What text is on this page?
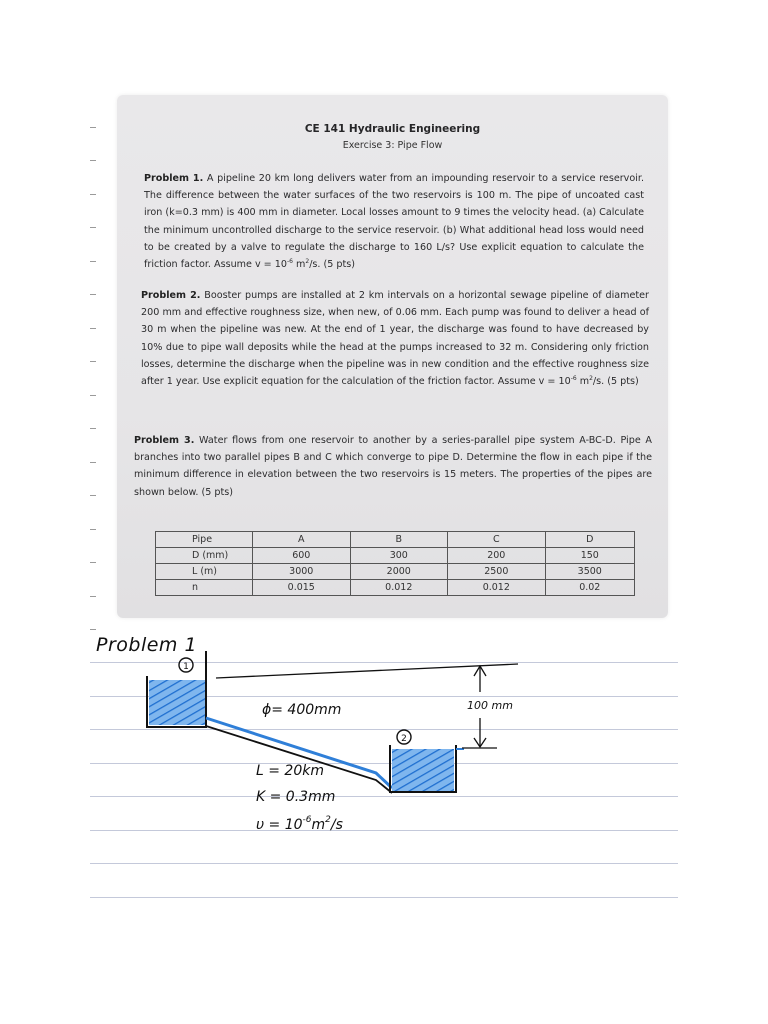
CE 141 Hydraulic Engineering
Exercise 3: Pipe Flow
Problem 1. A pipeline 20 km long delivers water from an impounding reservoir to a service reservoir. The difference between the water surfaces of the two reservoirs is 100 m. The pipe of uncoated cast iron (k=0.3 mm) is 400 mm in diameter. Local losses amount to 9 times the velocity head. (a) Calculate the minimum uncontrolled discharge to the service reservoir. (b) What additional head loss would need to be created by a valve to regulate the discharge to 160 L/s? Use explicit equation to calculate the friction factor. Assume $v = 10^{-6}$ $m^2/s$. (5 pts)
Problem 2. Booster pumps are installed at 2 km intervals on a horizontal sewage pipeline of diameter 200 mm and effective roughness size, when new, of 0.06 mm. Each pump was found to deliver a head of 30 m when the pipeline was new. At the end of 1 year, the discharge was found to have decreased by 10% due to pipe wall deposits while the head at the pumps increased to 32 m. Considering only friction losses, determine the discharge when the pipeline was in new condition and the effective roughness size after 1 year. Use explicit equation for the calculation of the friction factor. Assume $v = 10^{-6}$ $m^2/s$. (5 pts)
Problem 3. Water flows from one reservoir to another by a series-parallel pipe system A-BC-D. Pipe A branches into two parallel pipes B and C which converge to pipe D. Determine the flow in each pipe if the minimum difference in elevation between the two reservoirs is 15 meters. The properties of the pipes are shown below. (5 pts)
Pipe	A	B	C	D
D (mm)	600	300	200	150
L (m)	3000	2000	2500	3500
n	0.015	0.012	0.012	0.02
Problem 1
1
2
ϕ= 400mm	100 mm
L = 20km
K = 0.3mm
$\upsilon = 10^{-6}m^2/s$
